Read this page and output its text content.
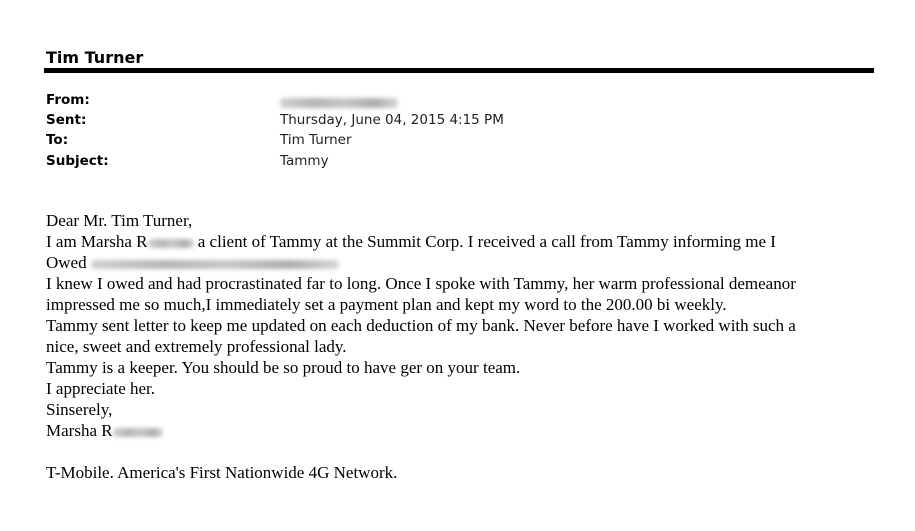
Tim Turner
From:
Sent:	Thursday, June 04, 2015 4:15 PM
To:	Tim Turner
Subject:	Tammy
Dear Mr. Tim Turner,
I am Marsha R	a client of Tammy at the Summit Corp. I received a call from Tammy informing me I
Owed
I knew I owed and had procrastinated far to long. Once I spoke with Tammy, her warm professional demeanor
impressed me so much,I immediately set a payment plan and kept my word to the 200.00 bi weekly.
Tammy sent letter to keep me updated on each deduction of my bank. Never before have I worked with such a
nice, sweet and extremely professional lady.
Tammy is a keeper. You should be so proud to have ger on your team.
I appreciate her.
Sinserely,
Marsha R
T-Mobile. America's First Nationwide 4G Network.
